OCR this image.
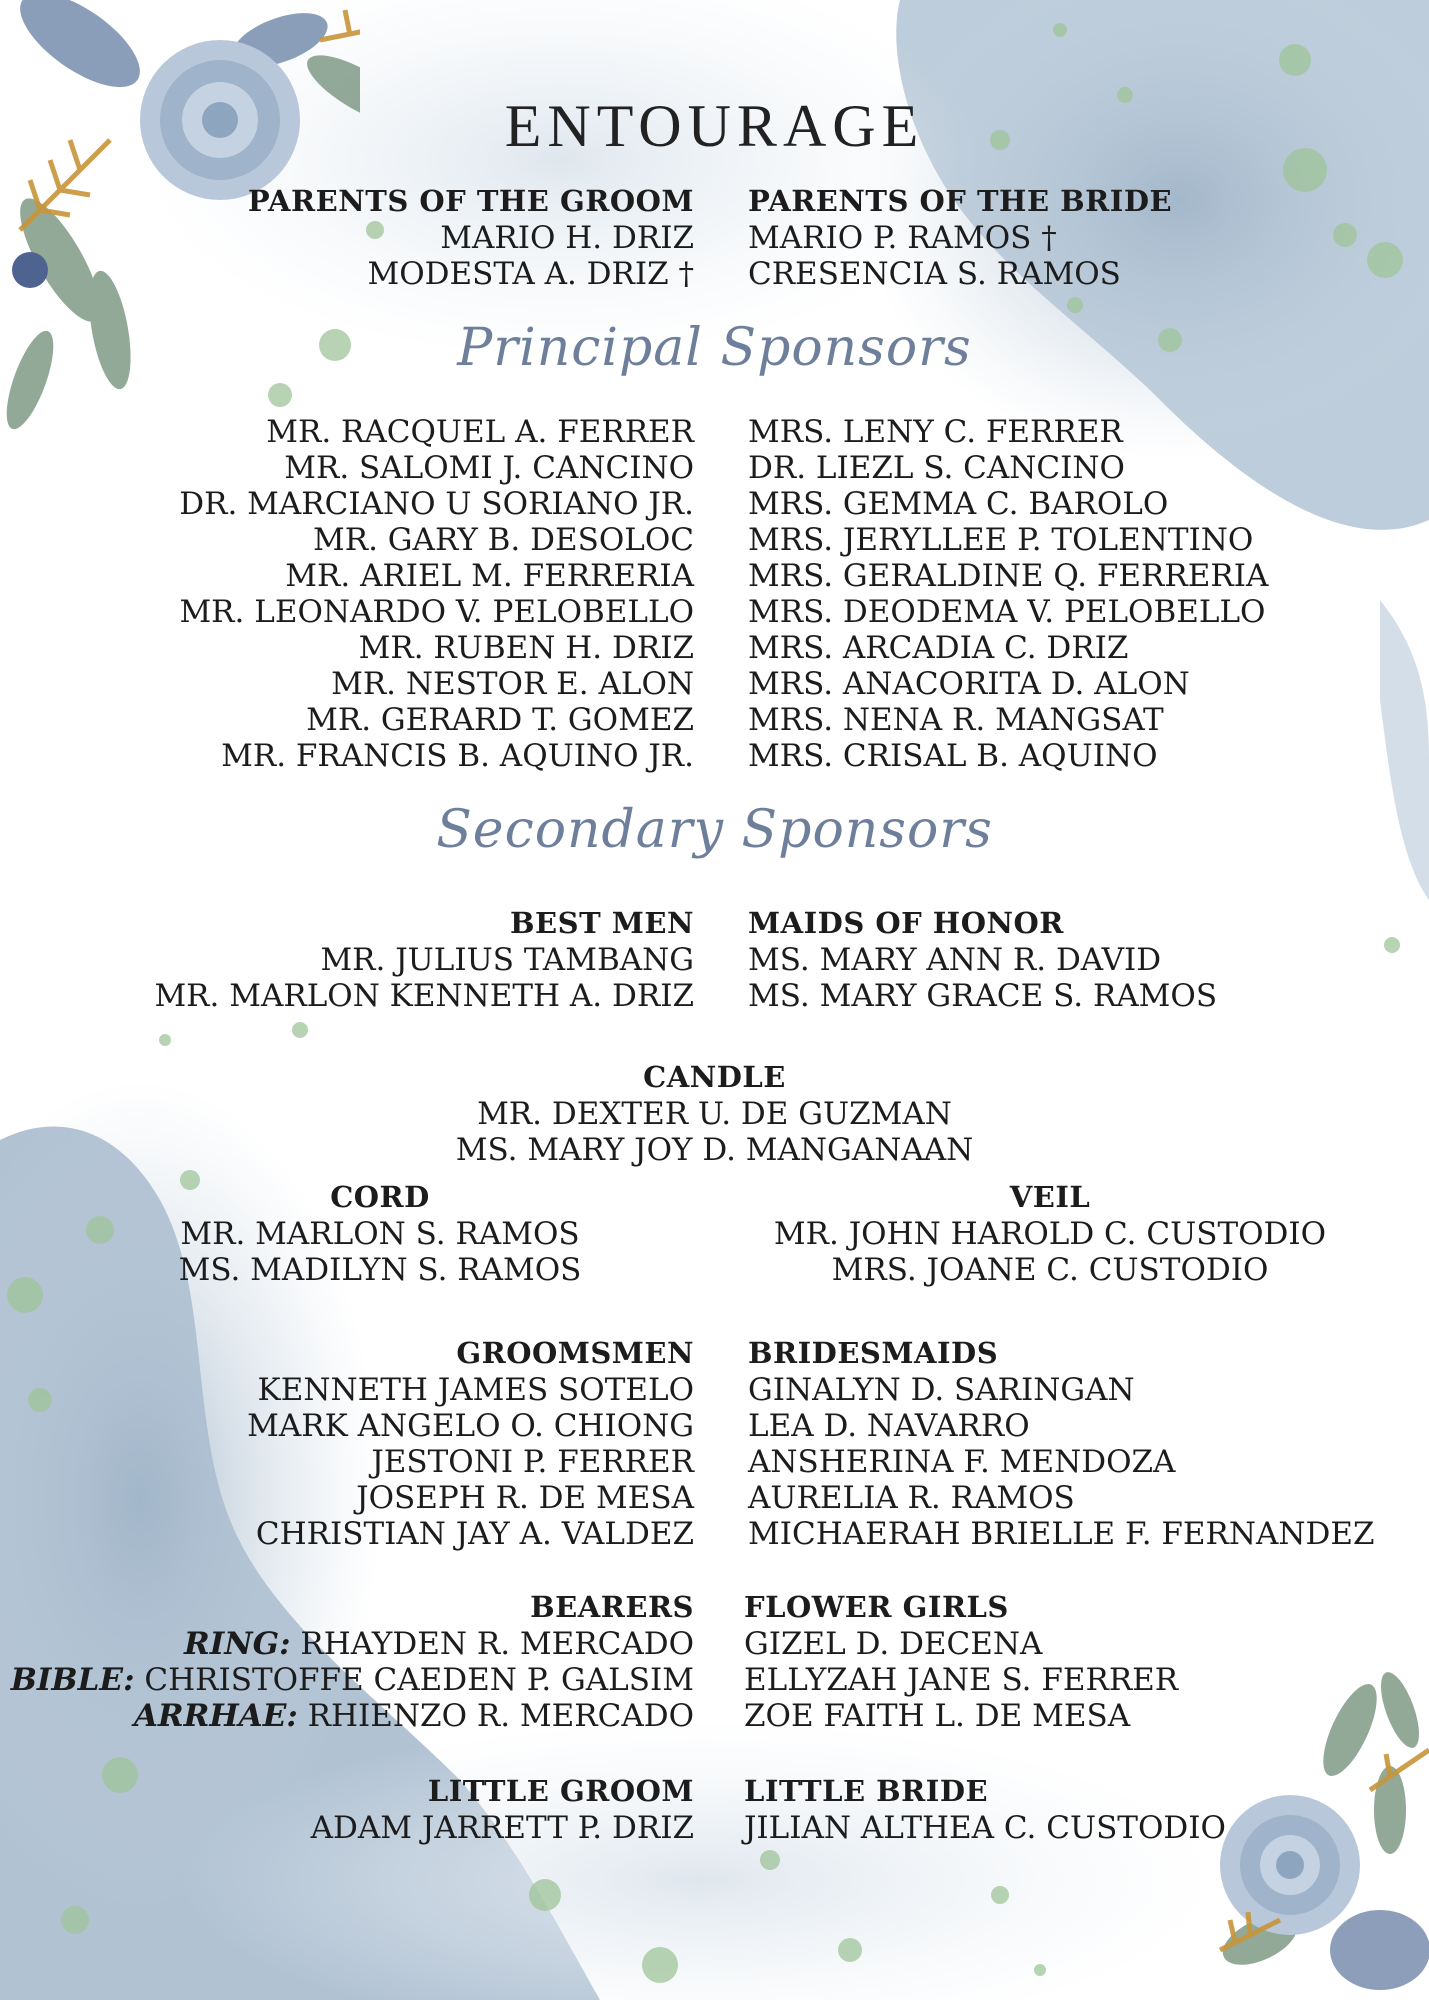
ENTOURAGE
PARENTS OF THE GROOM
MARIO H. DRIZ
MODESTA A. DRIZ †
PARENTS OF THE BRIDE
MARIO P. RAMOS †
CRESENCIA S. RAMOS
Principal Sponsors
MR. RACQUEL A. FERRER
MR. SALOMI J. CANCINO
DR. MARCIANO U SORIANO JR.
MR. GARY B. DESOLOC
MR. ARIEL M. FERRERIA
MR. LEONARDO V. PELOBELLO
MR. RUBEN H. DRIZ
MR. NESTOR E. ALON
MR. GERARD T. GOMEZ
MR. FRANCIS B. AQUINO JR.
MRS. LENY C. FERRER
DR. LIEZL S. CANCINO
MRS. GEMMA C. BAROLO
MRS. JERYLLEE P. TOLENTINO
MRS. GERALDINE Q. FERRERIA
MRS. DEODEMA V. PELOBELLO
MRS. ARCADIA C. DRIZ
MRS. ANACORITA D. ALON
MRS. NENA R. MANGSAT
MRS. CRISAL B. AQUINO
Secondary Sponsors
BEST MEN
MR. JULIUS TAMBANG
MR. MARLON KENNETH A. DRIZ
MAIDS OF HONOR
MS. MARY ANN R. DAVID
MS. MARY GRACE S. RAMOS
CANDLE
MR. DEXTER U. DE GUZMAN
MS. MARY JOY D. MANGANAAN
CORD
MR. MARLON S. RAMOS
MS. MADILYN S. RAMOS
VEIL
MR. JOHN HAROLD C. CUSTODIO
MRS. JOANE C. CUSTODIO
GROOMSMEN
KENNETH JAMES SOTELO
MARK ANGELO O. CHIONG
JESTONI P. FERRER
JOSEPH R. DE MESA
CHRISTIAN JAY A. VALDEZ
BRIDESMAIDS
GINALYN D. SARINGAN
LEA D. NAVARRO
ANSHERINA F. MENDOZA
AURELIA R. RAMOS
MICHAERAH BRIELLE F. FERNANDEZ
BEARERS
RING: RHAYDEN R. MERCADO
BIBLE: CHRISTOFFE CAEDEN P. GALSIM
ARRHAE: RHIENZO R. MERCADO
FLOWER GIRLS
GIZEL D. DECENA
ELLYZAH JANE S. FERRER
ZOE FAITH L. DE MESA
LITTLE GROOM
ADAM JARRETT P. DRIZ
LITTLE BRIDE
JILIAN ALTHEA C. CUSTODIO
